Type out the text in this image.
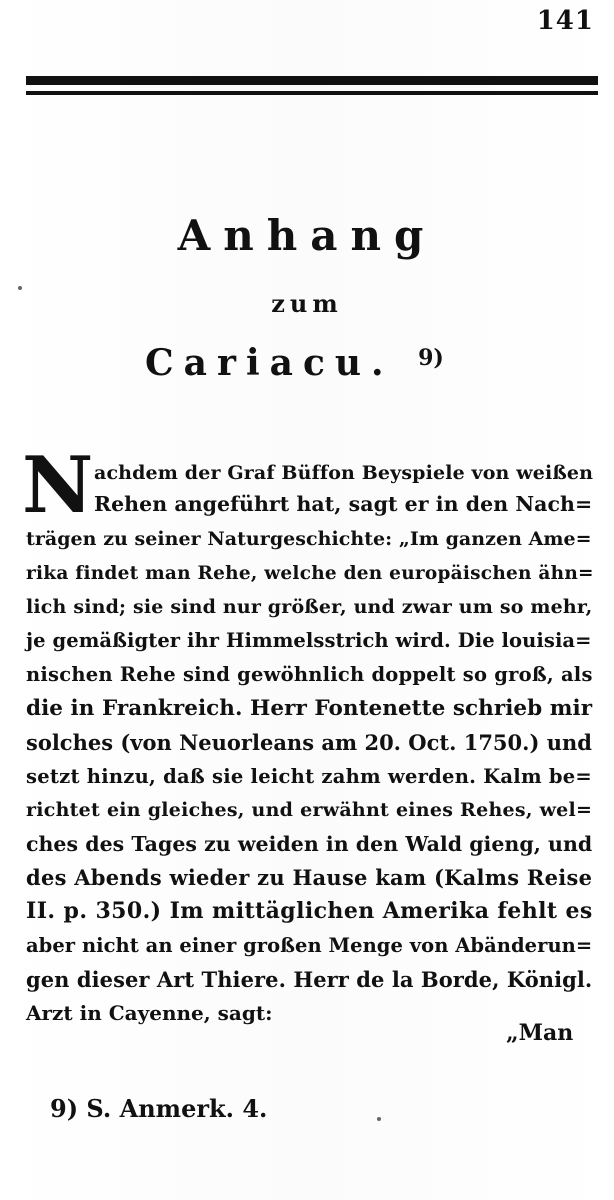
141
Anhang
zum
Cariacu. $^{9)}$
N achdem der Graf Büffon Beyspiele von weißen
Rehen angeführt hat, sagt er in den Nach=
trägen zu seiner Naturgeschichte: „Im ganzen Ame=
rika findet man Rehe, welche den europäischen ähn=
lich sind; sie sind nur größer, und zwar um so mehr,
je gemäßigter ihr Himmelsstrich wird. Die louisia=
nischen Rehe sind gewöhnlich doppelt so groß, als
die in Frankreich. Herr Fontenette schrieb mir
solches (von Neuorleans am 20. Oct. 1750.) und
setzt hinzu, daß sie leicht zahm werden. Kalm be=
richtet ein gleiches, und erwähnt eines Rehes, wel=
ches des Tages zu weiden in den Wald gieng, und
des Abends wieder zu Hause kam (Kalms Reise
II. p. 350.) Im mittäglichen Amerika fehlt es
aber nicht an einer großen Menge von Abänderun=
gen dieser Art Thiere. Herr de la Borde, Königl.
Arzt in Cayenne, sagt:
„Man
9) S. Anmerk. 4.
